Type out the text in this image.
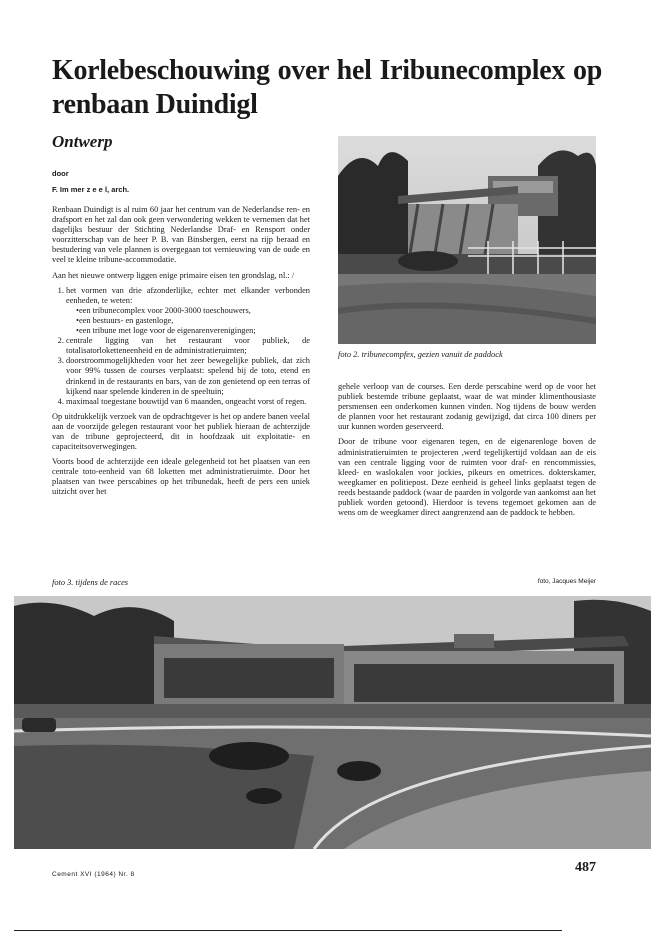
Korlebeschouwing over hel Iribunecomplex op renbaan Duindigl
Ontwerp
door
F. Im mer z e e l, arch.

Renbaan Duindigt is al ruim 60 jaar het centrum van de Nederlandse ren- en drafsport en het zal dan ook geen verwondering wekken te vernemen dat het dagelijks bestuur der Stichting Nederlandse Draf- en Rensport onder voorzitterschap van de heer P. B. van Binsbergen, eerst na rijp beraad en bestudering van vele plannen is overgegaan tot vernieuwing van de oude en veel te kleine tribune-accommodatie.

Aan het nieuwe ontwerp liggen enige primaire eisen ten grondslag, nl.: /

1. het vormen van drie afzonderlijke, echter met elkander verbonden eenheden, te weten:
• een tribunecomplex voor 2000-3000 toeschouwers,
• een bestuurs- en gastenloge,
• een tribune met loge voor de eigenarenverenigingen;
2. centrale ligging van het restaurant voor publiek, de totalisatorloketteneenheid en de administratieruimten;
3. doorstroommogelijkheden voor het zeer bewegelijke publiek, dat zich voor 99% tussen de courses verplaatst: spelend bij de toto, etend en drinkend in de restaurants en bars, van de zon genietend op een terras of kijkend naar spelende kinderen in de speeltuin;
4. maximaal toegestane bouwtijd van 6 maanden, ongeacht vorst of regen.

Op uitdrukkelijk verzoek van de opdrachtgever is het op andere banen veelal aan de voorzijde gelegen restaurant voor het publiek hieraan de achterzijde van de tribune geprojecteerd, dit in hoofdzaak uit exploitatie- en capaciteitsoverwegingen.

Voorts bood de achterzijde een ideale gelegenheid tot het plaatsen van een centrale toto-eenheid van 68 loketten met administratieruimte. Door het plaatsen van twee perscabines op het tribunedak, heeft de pers een uniek uitzicht over het

foto 2. tribunecompfex, gezien vanuit de paddock

gehele verloop van de courses. Een derde perscabine werd op de voor het publiek bestemde tribune geplaatst, waar de wat minder klimenthousiaste persmensen een onderkomen kunnen vinden. Nog tijdens de bouw werden de plannen voor het restaurant zodanig gewijzigd, dat circa 100 diners per uur kunnen worden geserveerd.

Door de tribune voor eigenaren tegen, en de eigenarenloge boven de administratieruimten te projecteren ,werd tegelijkertijd voldaan aan de eis van een centrale ligging voor de ruimten voor draf- en rencommissies, kleed- en waslokalen voor jockies, pikeurs en ometrices. dokterskamer, weegkamer en politiepost. Deze eenheid is geheel links geplaatst tegen de reeds bestaande paddock (waar de paarden in volgorde van aankomst aan het publiek worden getoond). Hierdoor is tevens tegemoet gekomen aan de wens om de weegkamer direct aangrenzend aan de paddock te hebben.

foto 3. tijdens de races	foto, Jacques Meijer
Cement XVI (1964) Nr. 8	487
